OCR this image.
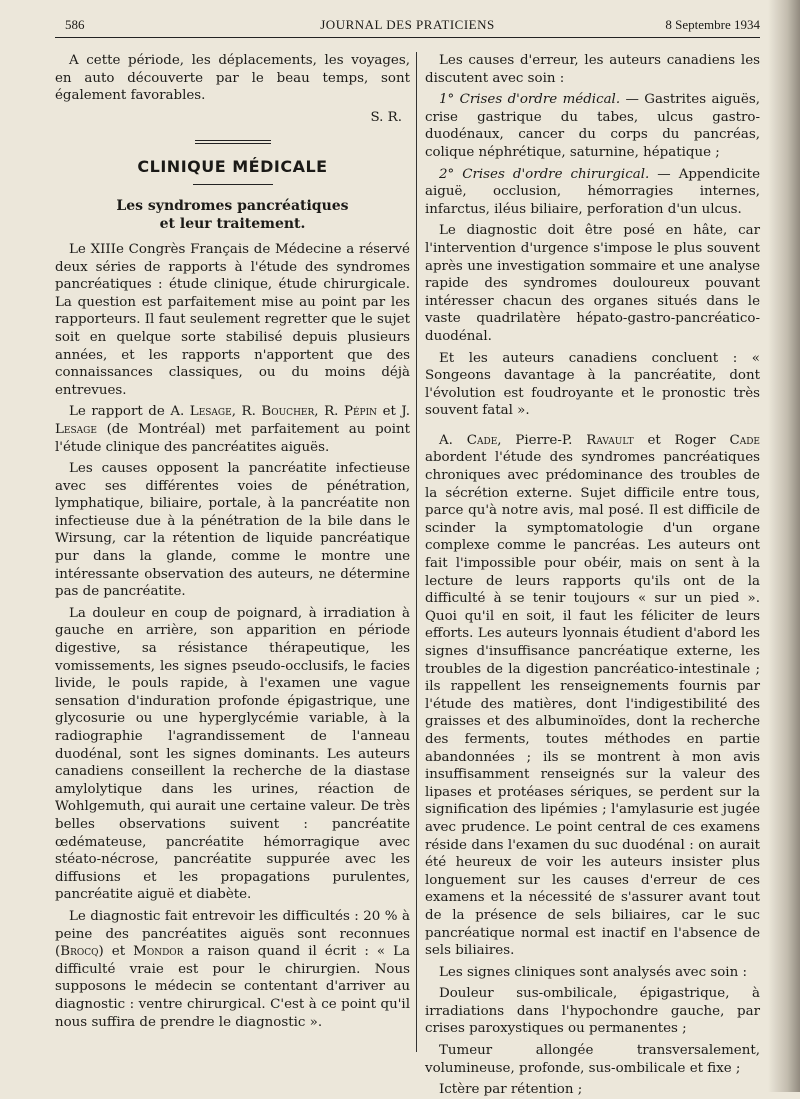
586	JOURNAL DES PRATICIENS	8 Septembre 1934

A cette période, les déplacements, les voyages, en auto découverte par le beau temps, sont également favorables.

S. R.

CLINIQUE MÉDICALE
Les syndromes pancréatiques
et leur traitement.

Le XIIIe Congrès Français de Médecine a réservé deux séries de rapports à l'étude des syndromes pancréatiques : étude clinique, étude chirurgicale. La question est parfaitement mise au point par les rapporteurs. Il faut seulement regretter que le sujet soit en quelque sorte stabilisé depuis plusieurs années, et les rapports n'apportent que des connaissances classiques, ou du moins déjà entrevues.

Le rapport de A. Lesage, R. Boucher, R. Pépin et J. Lesage (de Montréal) met parfaitement au point l'étude clinique des pancréatites aiguës.

Les causes opposent la pancréatite infectieuse avec ses différentes voies de pénétration, lymphatique, biliaire, portale, à la pancréatite non infectieuse due à la pénétration de la bile dans le Wirsung, car la rétention de liquide pancréatique pur dans la glande, comme le montre une intéressante observation des auteurs, ne détermine pas de pancréatite.

La douleur en coup de poignard, à irradiation à gauche en arrière, son apparition en période digestive, sa résistance thérapeutique, les vomissements, les signes pseudo-occlusifs, le facies livide, le pouls rapide, à l'examen une vague sensation d'induration profonde épigastrique, une glycosurie ou une hyperglycémie variable, à la radiographie l'agrandissement de l'anneau duodénal, sont les signes dominants. Les auteurs canadiens conseillent la recherche de la diastase amylolytique dans les urines, réaction de Wohlgemuth, qui aurait une certaine valeur. De très belles observations suivent : pancréatite œdémateuse, pancréatite hémorragique avec stéato-nécrose, pancréatite suppurée avec les diffusions et les propagations purulentes, pancréatite aiguë et diabète.

Le diagnostic fait entrevoir les difficultés : 20 % à peine des pancréatites aiguës sont reconnues (Brocq) et Mondor a raison quand il écrit : « La difficulté vraie est pour le chirurgien. Nous supposons le médecin se contentant d'arriver au diagnostic : ventre chirurgical. C'est à ce point qu'il nous suffira de prendre le diagnostic ».

Les causes d'erreur, les auteurs canadiens les discutent avec soin :

1° Crises d'ordre médical. — Gastrites aiguës, crise gastrique du tabes, ulcus gastro-duodénaux, cancer du corps du pancréas, colique néphrétique, saturnine, hépatique ;

2° Crises d'ordre chirurgical. — Appendicite aiguë, occlusion, hémorragies internes, infarctus, iléus biliaire, perforation d'un ulcus.

Le diagnostic doit être posé en hâte, car l'intervention d'urgence s'impose le plus souvent après une investigation sommaire et une analyse rapide des syndromes douloureux pouvant intéresser chacun des organes situés dans le vaste quadrilatère hépato-gastro-pancréatico-duodénal.

Et les auteurs canadiens concluent : « Songeons davantage à la pancréatite, dont l'évolution est foudroyante et le pronostic très souvent fatal ».

A. Cade, Pierre-P. Ravault et Roger Cade abordent l'étude des syndromes pancréatiques chroniques avec prédominance des troubles de la sécrétion externe. Sujet difficile entre tous, parce qu'à notre avis, mal posé. Il est difficile de scinder la symptomatologie d'un organe complexe comme le pancréas. Les auteurs ont fait l'impossible pour obéir, mais on sent à la lecture de leurs rapports qu'ils ont de la difficulté à se tenir toujours « sur un pied ». Quoi qu'il en soit, il faut les féliciter de leurs efforts. Les auteurs lyonnais étudient d'abord les signes d'insuffisance pancréatique externe, les troubles de la digestion pancréatico-intestinale ; ils rappellent les renseignements fournis par l'étude des matières, dont l'indigestibilité des graisses et des albuminoïdes, dont la recherche des ferments, toutes méthodes en partie abandonnées ; ils se montrent à mon avis insuffisamment renseignés sur la valeur des lipases et protéases sériques, se perdent sur la signification des lipémies ; l'amylasurie est jugée avec prudence. Le point central de ces examens réside dans l'examen du suc duodénal : on aurait été heureux de voir les auteurs insister plus longuement sur les causes d'erreur de ces examens et la nécessité de s'assurer avant tout de la présence de sels biliaires, car le suc pancréatique normal est inactif en l'absence de sels biliaires.

Les signes cliniques sont analysés avec soin :

Douleur sus-ombilicale, épigastrique, à irradiations dans l'hypochondre gauche, par crises paroxystiques ou permanentes ;

Tumeur allongée transversalement, volumineuse, profonde, sus-ombilicale et fixe ;

Ictère par rétention ;
